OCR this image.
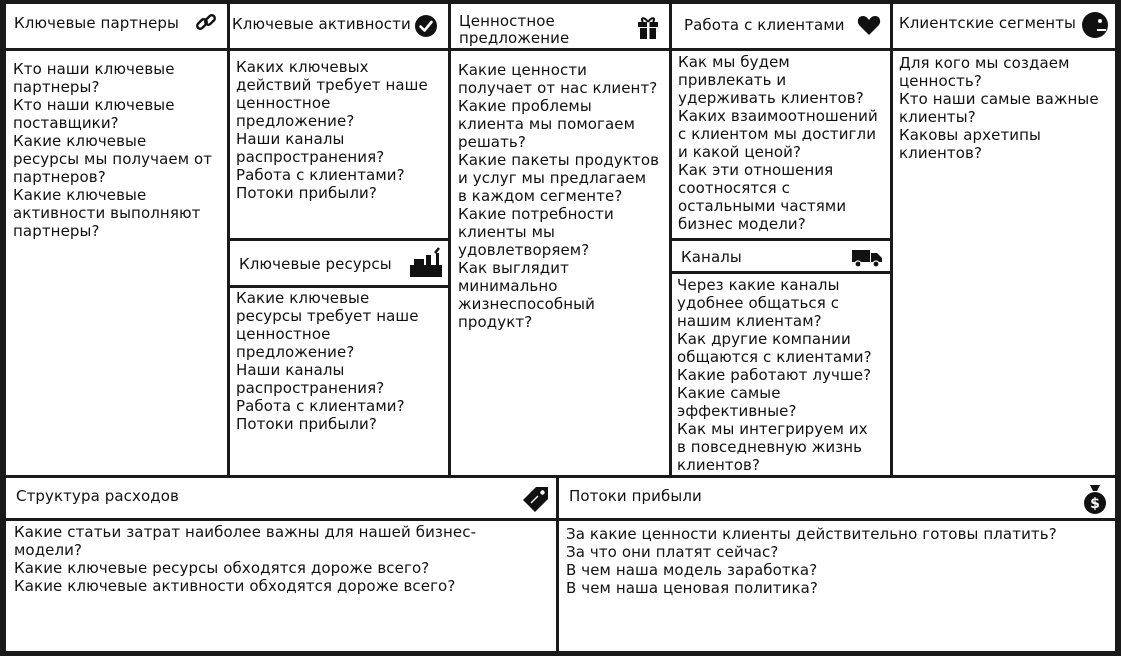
Ключевые партнеры
Кто наши ключевые
партнеры?
Кто наши ключевые
поставщики?
Какие ключевые
ресурсы мы получаем от
партнеров?
Какие ключевые
активности выполняют
партнеры?
Ключевые активности
Каких ключевых
действий требует наше
ценностное
предложение?
Наши каналы
распространения?
Работа с клиентами?
Потоки прибыли?
Ключевые ресурсы
Какие ключевые
ресурсы требует наше
ценностное
предложение?
Наши каналы
распространения?
Работа с клиентами?
Потоки прибыли?
Ценностное
предложение
Какие ценности
получает от нас клиент?
Какие проблемы
клиента мы помогаем
решать?
Какие пакеты продуктов
и услуг мы предлагаем
в каждом сегменте?
Какие потребности
клиенты мы
удовлетворяем?
Как выглядит
минимально
жизнеспособный
продукт?
Работа с клиентами
Как мы будем
привлекать и
удерживать клиентов?
Каких взаимоотношений
с клиентом мы достигли
и какой ценой?
Как эти отношения
соотносятся с
остальными частями
бизнес модели?
Каналы
Через какие каналы
удобнее общаться с
нашим клиентам?
Как другие компании
общаются с клиентами?
Какие работают лучше?
Какие самые
эффективные?
Как мы интегрируем их
в повседневную жизнь
клиентов?
Клиентские сегменты
Для кого мы создаем
ценность?
Кто наши самые важные
клиенты?
Каковы архетипы
клиентов?
Структура расходов
Какие статьи затрат наиболее важны для нашей бизнес-
модели?
Какие ключевые ресурсы обходятся дороже всего?
Какие ключевые активности обходятся дороже всего?
Потоки прибыли	$
За какие ценности клиенты действительно готовы платить?
За что они платят сейчас?
В чем наша модель заработка?
В чем наша ценовая политика?
